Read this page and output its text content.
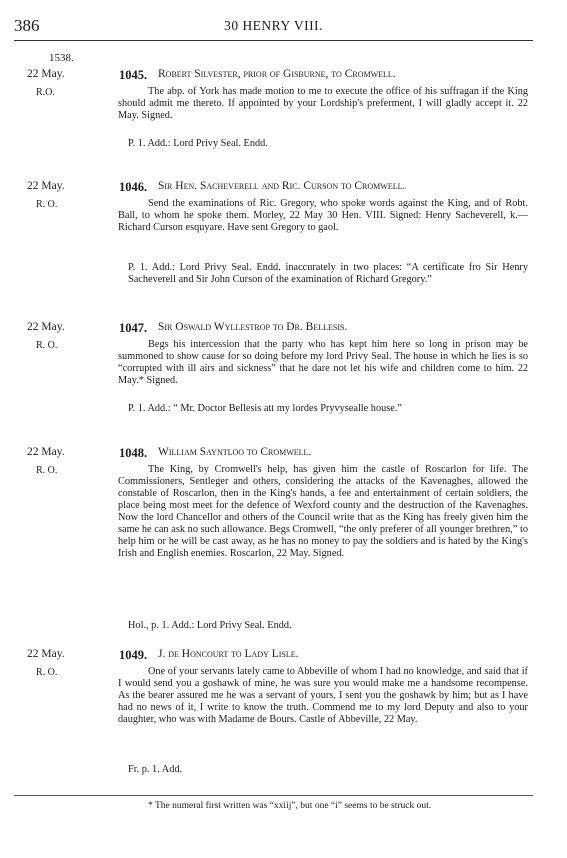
386	30 HENRY VIII.
1538.
22 May.
R.O.
1045. Robert Silvester, prior of Gisburne, to Cromwell.
The abp. of York has made motion to me to execute the office of his suffragan if the King should admit me thereto. If appointed by your Lordship's preferment, I will gladly accept it. 22 May. Signed.
P. 1. Add.: Lord Privy Seal. Endd.
22 May.
R. O.
1046. Sir Hen. Sacheverell and Ric. Curson to Cromwell.
Send the examinations of Ric. Gregory, who spoke words against the King, and of Robt. Ball, to whom he spoke them. Morley, 22 May 30 Hen. VIII. Signed: Henry Sacheverell, k.—Richard Curson esquyare. Have sent Gregory to gaol.
P. 1. Add.: Lord Privy Seal. Endd. inaccurately in two places: “A certificate fro Sir Henry Sacheverell and Sir John Curson of the examination of Richard Gregory.”
22 May.
R. O.
1047. Sir Oswald Wyllestrop to Dr. Bellesis.
Begs his intercession that the party who has kept him here so long in prison may be summoned to show cause for so doing before my lord Privy Seal. The house in which he lies is so “corrupted with ill airs and sickness” that he dare not let his wife and children come to him. 22 May.* Signed.
P. 1. Add.: “ Mr. Doctor Bellesis att my lordes Pryvysealle house.”
22 May.
R. O.
1048. William Sayntloo to Cromwell.
The King, by Cromwell's help, has given him the castle of Roscarlon for life. The Commissioners, Sentleger and others, considering the attacks of the Kavenaghes, allowed the constable of Roscarlon, then in the King's hands, a fee and entertainment of certain soldiers, the place being most meet for the defence of Wexford county and the destruction of the Kavenaghes. Now the lord Chancellor and others of the Council write that as the King has freely given him the same he can ask no such allowance. Begs Cromwell, “the only preferer of all younger brethren,” to help him or he will be cast away, as he has no money to pay the soldiers and is hated by the King's Irish and English enemies. Roscarlon, 22 May. Signed.
Hol., p. 1. Add.: Lord Privy Seal. Endd.
22 May.
R. O.
1049. J. de Honcourt to Lady Lisle.
One of your servants lately came to Abbeville of whom I had no knowledge, and said that if I would send you a goshawk of mine, he was sure you would make me a handsome recompense. As the bearer assured me he was a servant of yours, I sent you the goshawk by him; but as I have had no news of it, I write to know the truth. Commend me to my lord Deputy and also to your daughter, who was with Madame de Bours. Castle of Abbeville, 22 May.
Fr. p. 1. Add.
* The numeral first written was “xxiij”, but one “i” seems to be struck out.
